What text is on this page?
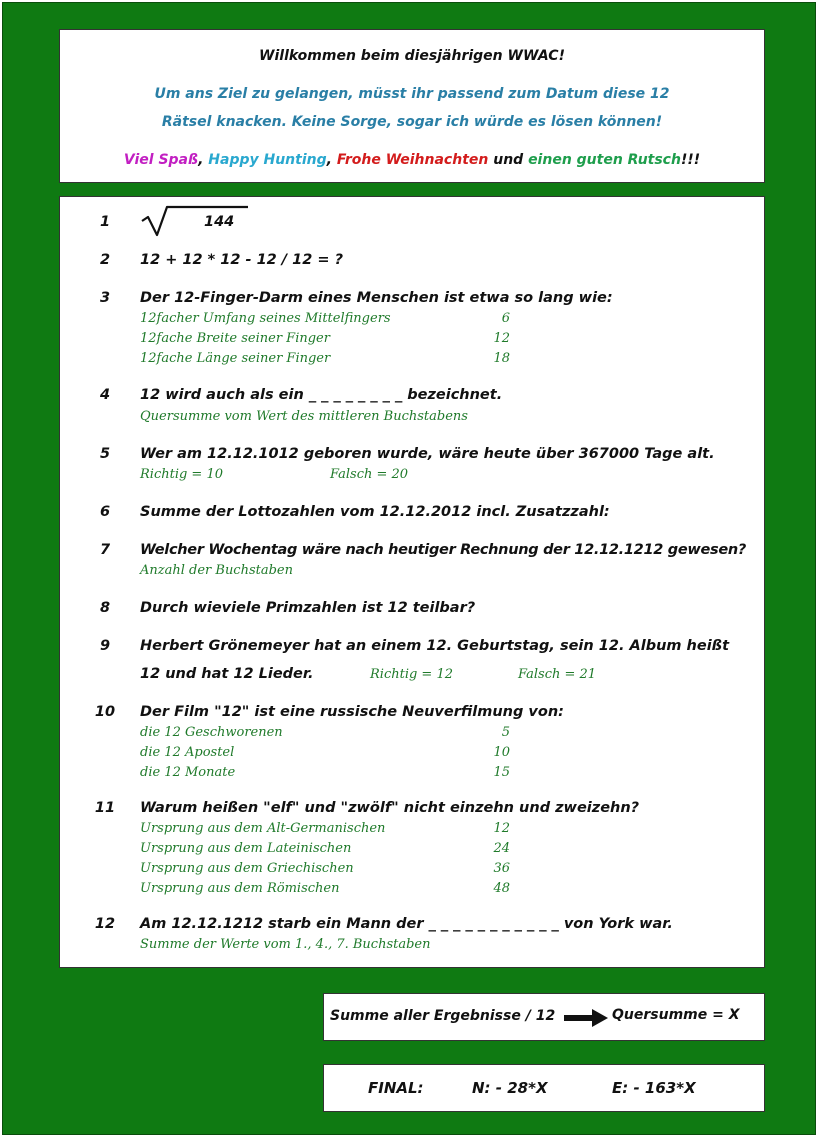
Willkommen beim diesjährigen WWAC!
Um ans Ziel zu gelangen, müsst ihr passend zum Datum diese 12
Rätsel knacken. Keine Sorge, sogar ich würde es lösen können!
Viel Spaß, Happy Hunting, Frohe Weihnachten und einen guten Rutsch!!!
1	144
2	12 + 12 * 12 - 12 / 12 = ?
3	Der 12-Finger-Darm eines Menschen ist etwa so lang wie:
12facher Umfang seines Mittelfingers	6
12fache Breite seiner Finger	12
12fache Länge seiner Finger	18
4	12 wird auch als ein _ _ _ _ _ _ _ _ bezeichnet.
Quersumme vom Wert des mittleren Buchstabens
5	Wer am 12.12.1012 geboren wurde, wäre heute über 367000 Tage alt.
Richtig = 10	Falsch = 20
6	Summe der Lottozahlen vom 12.12.2012 incl. Zusatzzahl:
7	Welcher Wochentag wäre nach heutiger Rechnung der 12.12.1212 gewesen?
Anzahl der Buchstaben
8	Durch wieviele Primzahlen ist 12 teilbar?
9	Herbert Grönemeyer hat an einem 12. Geburtstag, sein 12. Album heißt
12 und hat 12 Lieder.	Richtig = 12	Falsch = 21
10	Der Film "12" ist eine russische Neuverfilmung von:
die 12 Geschworenen	5
die 12 Apostel	10
die 12 Monate	15
11	Warum heißen "elf" und "zwölf" nicht einzehn und zweizehn?
Ursprung aus dem Alt-Germanischen	12
Ursprung aus dem Lateinischen	24
Ursprung aus dem Griechischen	36
Ursprung aus dem Römischen	48
12	Am 12.12.1212 starb ein Mann der _ _ _ _ _ _ _ _ _ _ _ von York war.
Summe der Werte vom 1., 4., 7. Buchstaben
Summe aller Ergebnisse / 12	Quersumme = X
FINAL:	N: - 28*X	E: - 163*X
